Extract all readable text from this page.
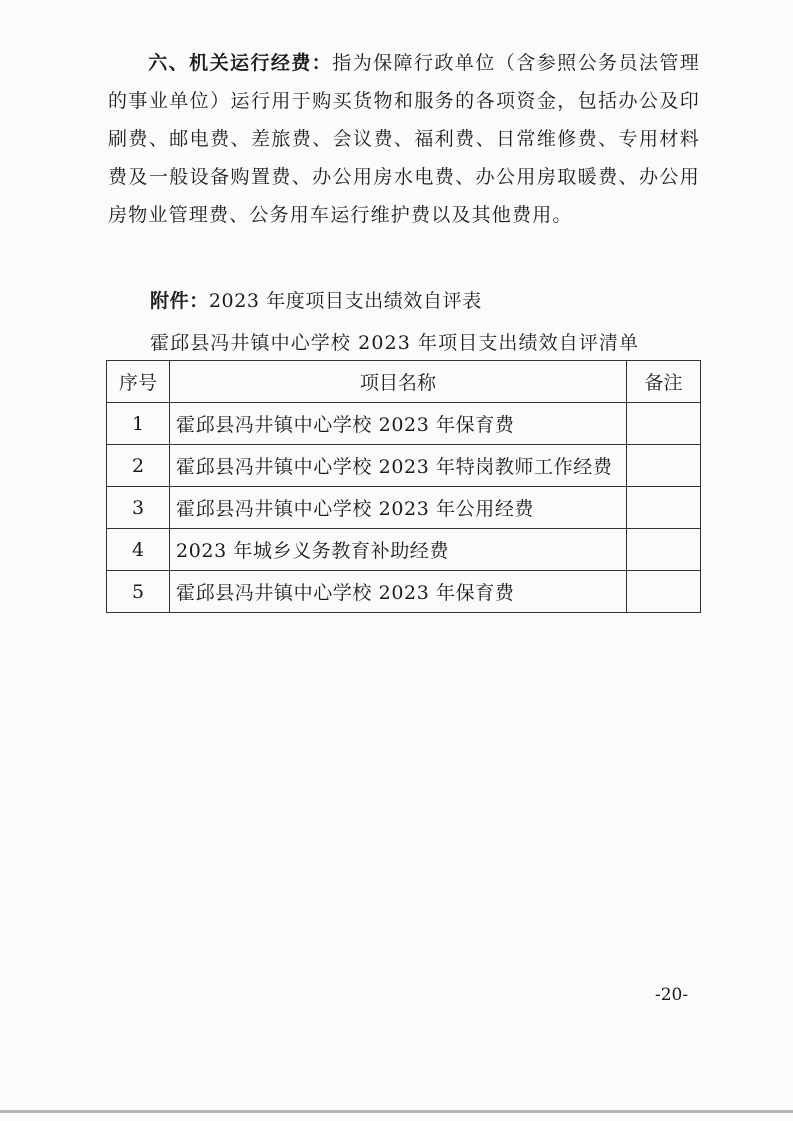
六、机关运行经费：指为保障行政单位（含参照公务员法管理的事业单位）运行用于购买货物和服务的各项资金，包括办公及印刷费、邮电费、差旅费、会议费、福利费、日常维修费、专用材料费及一般设备购置费、办公用房水电费、办公用房取暖费、办公用房物业管理费、公务用车运行维护费以及其他费用。
附件：2023 年度项目支出绩效自评表
霍邱县冯井镇中心学校 2023 年项目支出绩效自评清单
序号	项目名称	备注
1	霍邱县冯井镇中心学校 2023 年保育费	
2	霍邱县冯井镇中心学校 2023 年特岗教师工作经费	
3	霍邱县冯井镇中心学校 2023 年公用经费	
4	2023 年城乡义务教育补助经费	
5	霍邱县冯井镇中心学校 2023 年保育费	
-20-
